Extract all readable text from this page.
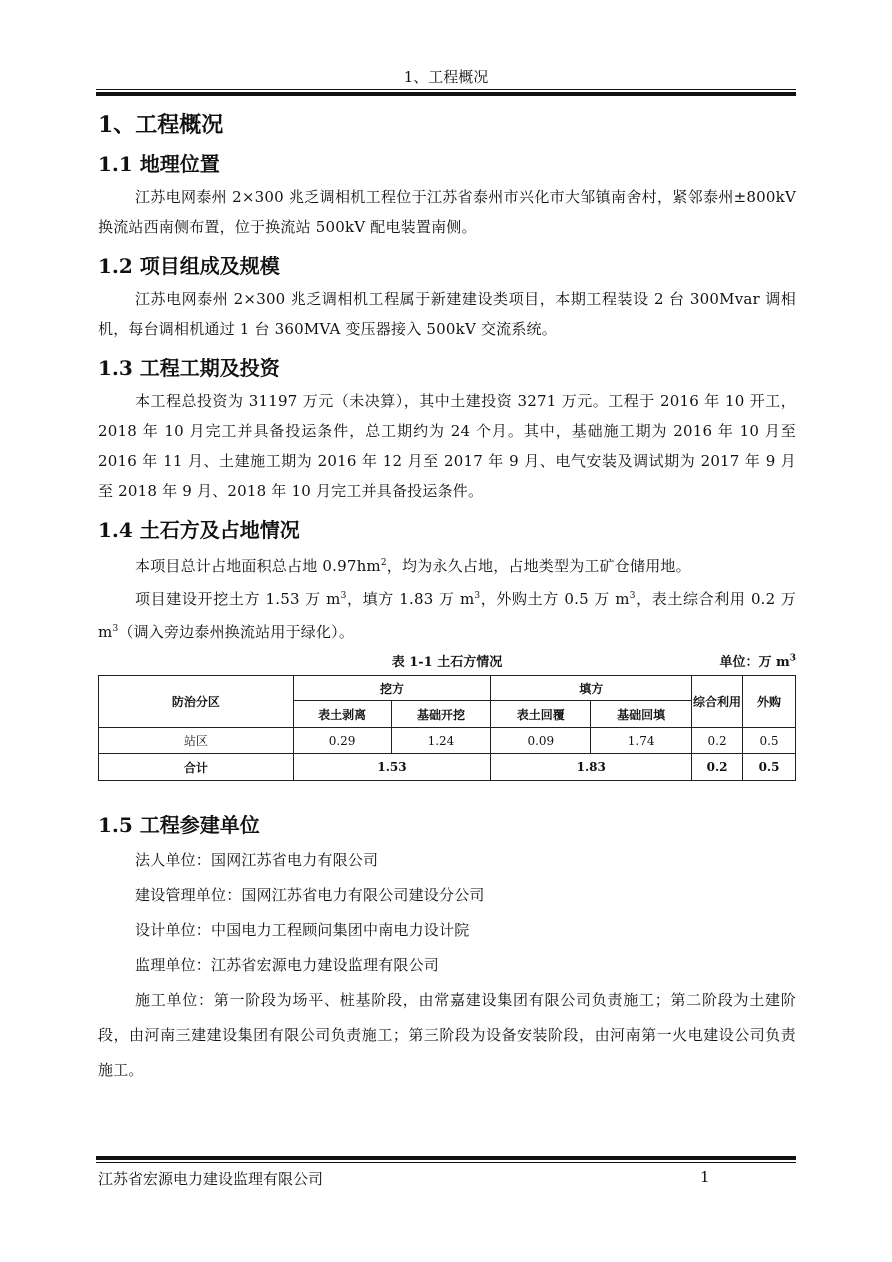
1、工程概况
1、工程概况
1.1 地理位置

江苏电网泰州 2×300 兆乏调相机工程位于江苏省泰州市兴化市大邹镇南舍村，紧邻泰州±800kV 换流站西南侧布置，位于换流站 500kV 配电装置南侧。

1.2 项目组成及规模

江苏电网泰州 2×300 兆乏调相机工程属于新建建设类项目，本期工程装设 2 台 300Mvar 调相机，每台调相机通过 1 台 360MVA 变压器接入 500kV 交流系统。

1.3 工程工期及投资

本工程总投资为 31197 万元（未决算），其中土建投资 3271 万元。工程于 2016 年 10 开工，2018 年 10 月完工并具备投运条件，总工期约为 24 个月。其中，基础施工期为 2016 年 10 月至 2016 年 11 月、土建施工期为 2016 年 12 月至 2017 年 9 月、电气安装及调试期为 2017 年 9 月至 2018 年 9 月、2018 年 10 月完工并具备投运条件。

1.4 土石方及占地情况

本项目总计占地面积总占地 $0.97hm^2$，均为永久占地，占地类型为工矿仓储用地。

项目建设开挖土方 1.53 万 $m^3$，填方 1.83 万 $m^3$，外购土方 0.5 万 $m^3$，表土综合利用 0.2 万 $m^3$（调入旁边泰州换流站用于绿化）。

表 1-1 土石方情况	单位：万 $m^3$
防治分区	挖方		填方		综合利用	外购
	表土剥离	基础开挖	表土回覆	基础回填		
站区	0.29	1.24	0.09	1.74	0.2	0.5
合计	1.53		1.83		0.2	0.5
1.5 工程参建单位

法人单位：国网江苏省电力有限公司

建设管理单位：国网江苏省电力有限公司建设分公司

设计单位：中国电力工程顾问集团中南电力设计院

监理单位：江苏省宏源电力建设监理有限公司

施工单位：第一阶段为场平、桩基阶段，由常嘉建设集团有限公司负责施工；第二阶段为土建阶段，由河南三建建设集团有限公司负责施工；第三阶段为设备安装阶段，由河南第一火电建设公司负责施工。

江苏省宏源电力建设监理有限公司	1
